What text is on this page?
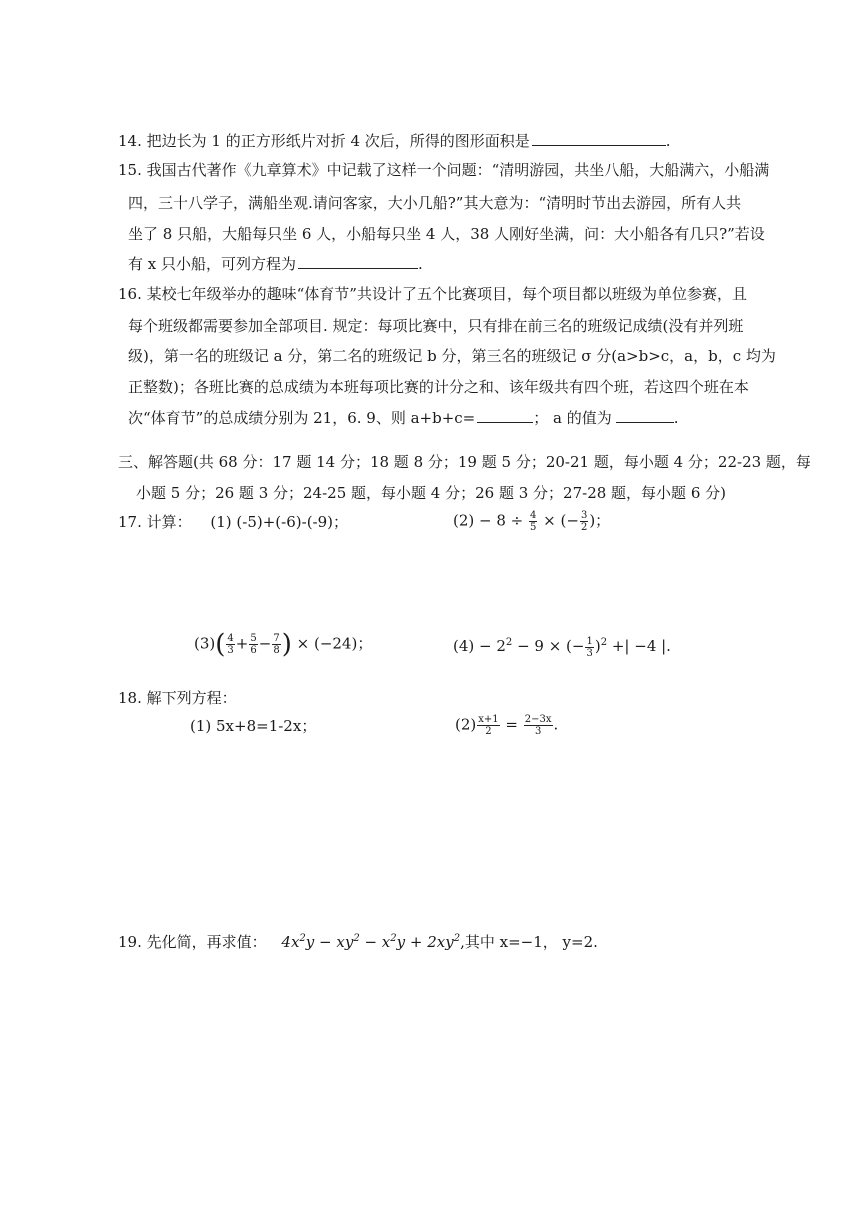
14. 把边长为 1 的正方形纸片对折 4 次后，所得的图形面积是	.
15. 我国古代著作《九章算术》中记载了这样一个问题：“清明游园，共坐八船，大船满六，小船满
四，三十八学子，满船坐观.请问客家，大小几船?”其大意为：“清明时节出去游园，所有人共
坐了 8 只船，大船每只坐 6 人，小船每只坐 4 人，38 人刚好坐满，问：大小船各有几只?”若设
有 x 只小船，可列方程为	.
16. 某校七年级举办的趣味“体育节”共设计了五个比赛项目，每个项目都以班级为单位参赛，且
每个班级都需要参加全部项目. 规定：每项比赛中，只有排在前三名的班级记成绩(没有并列班
级)，第一名的班级记 a 分，第二名的班级记 b 分，第三名的班级记 σ 分(a>b>c，a，b，c 均为
正整数)；各班比赛的总成绩为本班每项比赛的计分之和、该年级共有四个班，若这四个班在本
次“体育节”的总成绩分别为 21，6. 9、则 a+b+c=	； a 的值为	.
三、解答题(共 68 分：17 题 14 分；18 题 8 分；19 题 5 分；20-21 题，每小题 4 分；22-23 题，每
小题 5 分；26 题 3 分；24-25 题，每小题 4 分；26 题 3 分；27-28 题，每小题 6 分)
17. 计算： (1) (-5)+(-6)-(-9)；	$(2) - 8 \div \frac{4}{5}$ × (− $\frac{3}{2}$ )；
$(3)( \frac{4}{3} + \frac{5}{6} - \frac{7}{8}$ ) × (−24)；	$(4) - 2^2 - 9$ × (− $\frac{1}{3} )^2$ +| −4 |.
18. 解下列方程：
(1) 5x+8=1-2x；	$(2) \frac{x+1}{2} = \frac{2-3x}{3}$ .
19. 先化简，再求值： $4x^2y - xy^2 - x^2y + 2xy^2$,其中 x=−1， y=2.
